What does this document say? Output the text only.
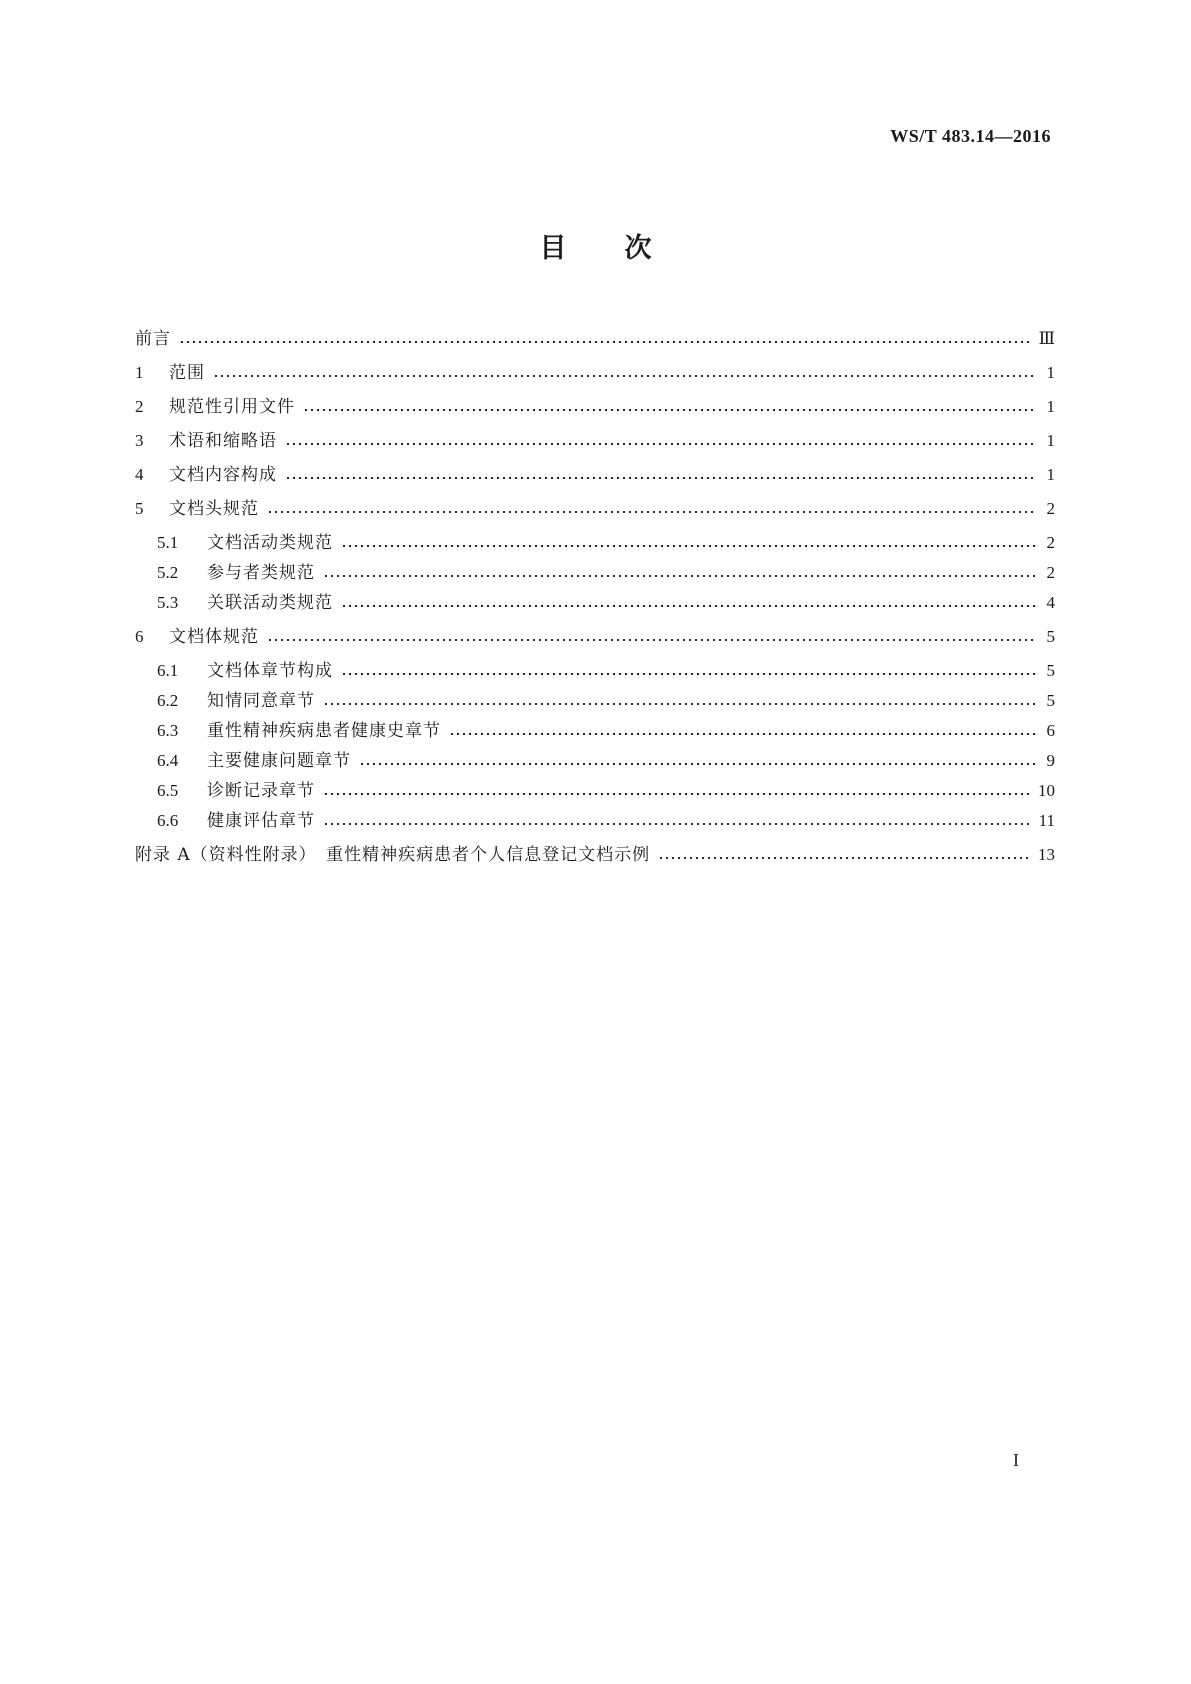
WS/T 483.14—2016
目 次
前言	Ⅲ
1	范围	1
2	规范性引用文件	1
3	术语和缩略语	1
4	文档内容构成	1
5	文档头规范	2
5.1	文档活动类规范	2
5.2	参与者类规范	2
5.3	关联活动类规范	4
6	文档体规范	5
6.1	文档体章节构成	5
6.2	知情同意章节	5
6.3	重性精神疾病患者健康史章节	6
6.4	主要健康问题章节	9
6.5	诊断记录章节	10
6.6	健康评估章节	11
附录 A（资料性附录）　重性精神疾病患者个人信息登记文档示例	13
I
